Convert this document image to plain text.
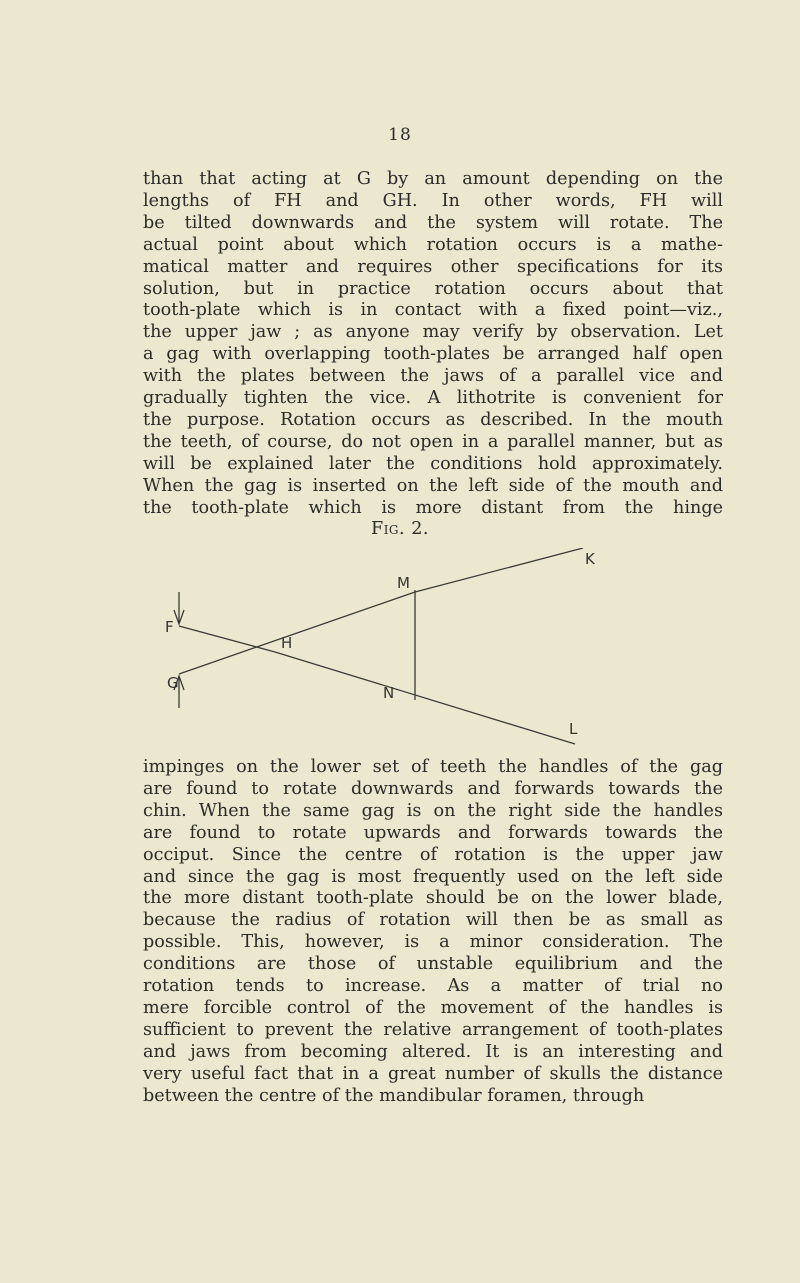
18
than that acting at G by an amount depending on the
lengths of FH and GH. In other words, FH will
be tilted downwards and the system will rotate. The
actual point about which rotation occurs is a mathe-
matical matter and requires other specifications for its
solution, but in practice rotation occurs about that
tooth-plate which is in contact with a fixed point—viz.,
the upper jaw ; as anyone may verify by observation. Let
a gag with overlapping tooth-plates be arranged half open
with the plates between the jaws of a parallel vice and
gradually tighten the vice. A lithotrite is convenient for
the purpose. Rotation occurs as described. In the mouth
the teeth, of course, do not open in a parallel manner, but as
will be explained later the conditions hold approximately.
When the gag is inserted on the left side of the mouth and
the tooth-plate which is more distant from the hinge
Fig. 2.
F
G
H
M
N
K
L
impinges on the lower set of teeth the handles of the gag
are found to rotate downwards and forwards towards the
chin. When the same gag is on the right side the handles
are found to rotate upwards and forwards towards the
occiput. Since the centre of rotation is the upper jaw
and since the gag is most frequently used on the left side
the more distant tooth-plate should be on the lower blade,
because the radius of rotation will then be as small as
possible. This, however, is a minor consideration. The
conditions are those of unstable equilibrium and the
rotation tends to increase. As a matter of trial no
mere forcible control of the movement of the handles is
sufficient to prevent the relative arrangement of tooth-plates
and jaws from becoming altered. It is an interesting and
very useful fact that in a great number of skulls the distance
between the centre of the mandibular foramen, through
